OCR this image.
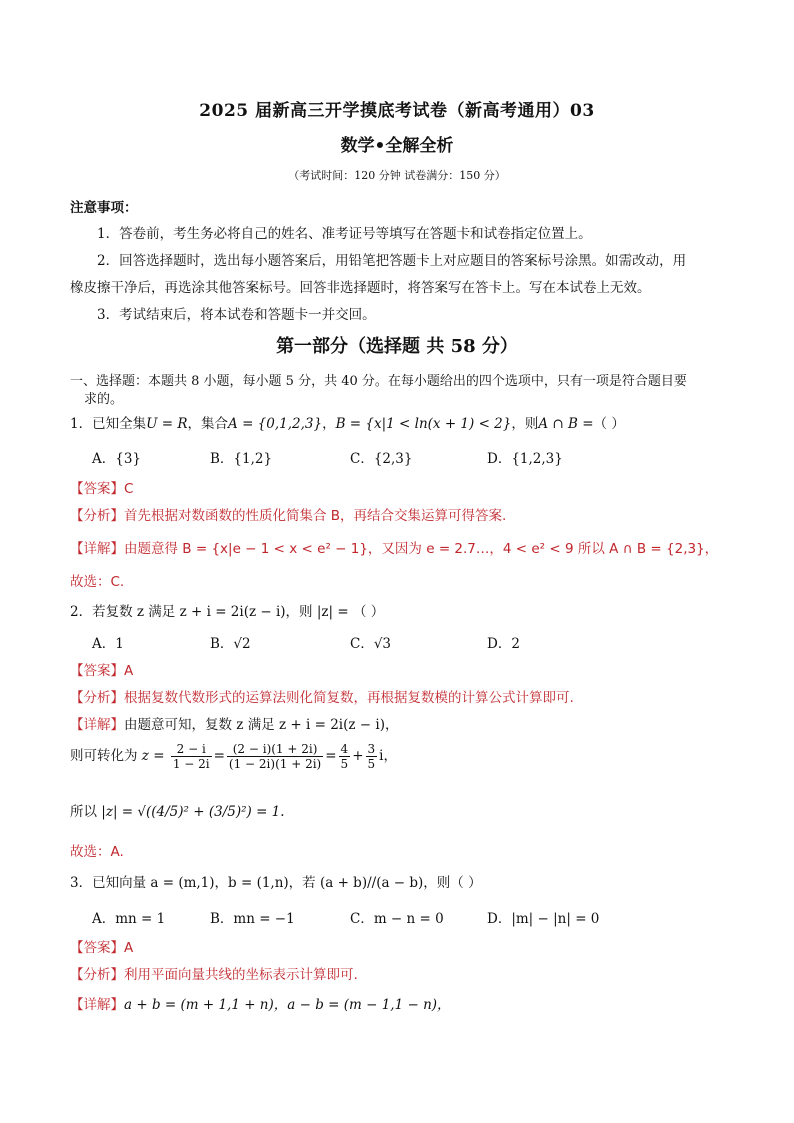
2025 届新高三开学摸底考试卷（新高考通用）03
数学•全解全析
（考试时间：120 分钟 试卷满分：150 分）
注意事项：
1．答卷前，考生务必将自己的姓名、准考证号等填写在答题卡和试卷指定位置上。
2．回答选择题时，选出每小题答案后，用铅笔把答题卡上对应题目的答案标号涂黑。如需改动，用
橡皮擦干净后，再选涂其他答案标号。回答非选择题时，将答案写在答卡上。写在本试卷上无效。
3．考试结束后，将本试卷和答题卡一并交回。
第一部分（选择题 共 58 分）
一、选择题：本题共 8 小题，每小题 5 分，共 40 分。在每小题给出的四个选项中，只有一项是符合题目要
求的。
1．已知全集U = R，集合A = {0,1,2,3}，B = {x|1 < ln(x + 1) < 2}，则A ∩ B =（ ）
A．{3}	B．{1,2}	C．{2,3}	D．{1,2,3}
【答案】C
【分析】首先根据对数函数的性质化简集合 B，再结合交集运算可得答案.
【详解】由题意得 B = {x|e − 1 < x < e² − 1}，又因为 e = 2.7…，4 < e² < 9 所以 A ∩ B = {2,3}，
故选：C.
2．若复数 z 满足 z + i = 2i(z − i)，则 |z| = （ ）
A．1	B．√2	C．√3	D．2
【答案】A
【分析】根据复数代数形式的运算法则化简复数，再根据复数模的计算公式计算即可.
【详解】由题意可知，复数 z 满足 z + i = 2i(z − i)，
则可转化为 $z = \frac{2 - i}{1 - 2i} = \frac{(2 - i)(1 + 2i)}{(1 - 2i)(1 + 2i)} = \frac{4}{5} + \frac{3}{5}$ i，
所以 |z| = √((4/5)² + (3/5)²) = 1.
故选：A.
3．已知向量 a = (m,1)，b = (1,n)，若 (a + b)//(a − b)，则（ ）
A．mn = 1	B．mn = −1	C．m − n = 0	D．|m| − |n| = 0
【答案】A
【分析】利用平面向量共线的坐标表示计算即可.
【详解】a + b = (m + 1,1 + n)，a − b = (m − 1,1 − n)，
